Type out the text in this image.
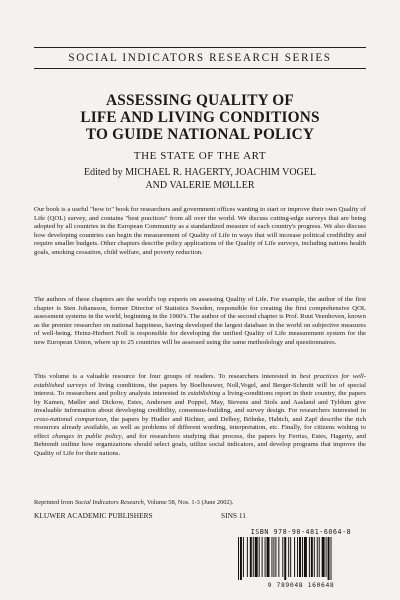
SOCIAL INDICATORS RESEARCH SERIES
ASSESSING QUALITY OF
LIFE AND LIVING CONDITIONS
TO GUIDE NATIONAL POLICY
THE STATE OF THE ART
Edited by MICHAEL R. HAGERTY, JOACHIM VOGEL
AND VALERIE MØLLER

Our book is a useful "how to" book for researchers and government offices wanting to start or improve their own Quality of Life (QOL) survey, and contains "best practices" from all over the world. We discuss cutting-edge surveys that are being adopted by all countries in the European Community as a standardized measure of each country's progress. We also discuss how developing countries can begin the measurement of Quality of Life in ways that will increase political credibility and require smaller budgets. Other chapters describe policy applications of the Quality of Life surveys, including nations health goals, smoking cessation, child welfare, and poverty reduction.

The authors of these chapters are the world's top experts on assessing Quality of Life. For example, the author of the first chapter is Sten Johansson, former Director of Statistics Sweden, responsible for creating the first comprehensive QOL assessment systems in the world, beginning in the 1960's. The author of the second chapter is Prof. Ruut Veenhoven, known as the premier researcher on national happiness, having developed the largest database in the world on subjective measures of well-being. Heinz-Herbert Noll is responsible for developing the unified Quality of Life measurement system for the new European Union, where up to 25 countries will be assessed using the same methodology and questionnaires.

This volume is a valuable resource for four groups of readers. To researchers interested in best practices for well-established surveys of living conditions, the papers by Boelhouwer, Noll,Vogel, and Berger-Schmitt will be of special interest. To researchers and policy analysts interested in establishing a living-conditions report in their country, the papers by Kamen, Møller and Dickow, Estes, Andersen and Poppel, May, Stevens and Stols and Aasland and Tyldum give invaluable information about developing credibility, consensus-building, and survey design. For researchers interested in cross-national comparison, the papers by Hudler and Richter, and Delhey, Böhnke, Habich, and Zapf describe the rich resources already available, as well as problems of different wording, interpretation, etc. Finally, for citizens wishing to effect changes in public policy, and for researchers studying that process, the papers by Ferriss, Estes, Hagerty, and Behrendt outline how organizations should select goals, utilize social indicators, and develop programs that improve the Quality of Life for their nations.

Reprinted from Social Indicators Research, Volume 58, Nos. 1-3 (June 2002).
KLUWER ACADEMIC PUBLISHERS	SINS 11
ISBN 978-90-481-6064-8
9 789048 160648
